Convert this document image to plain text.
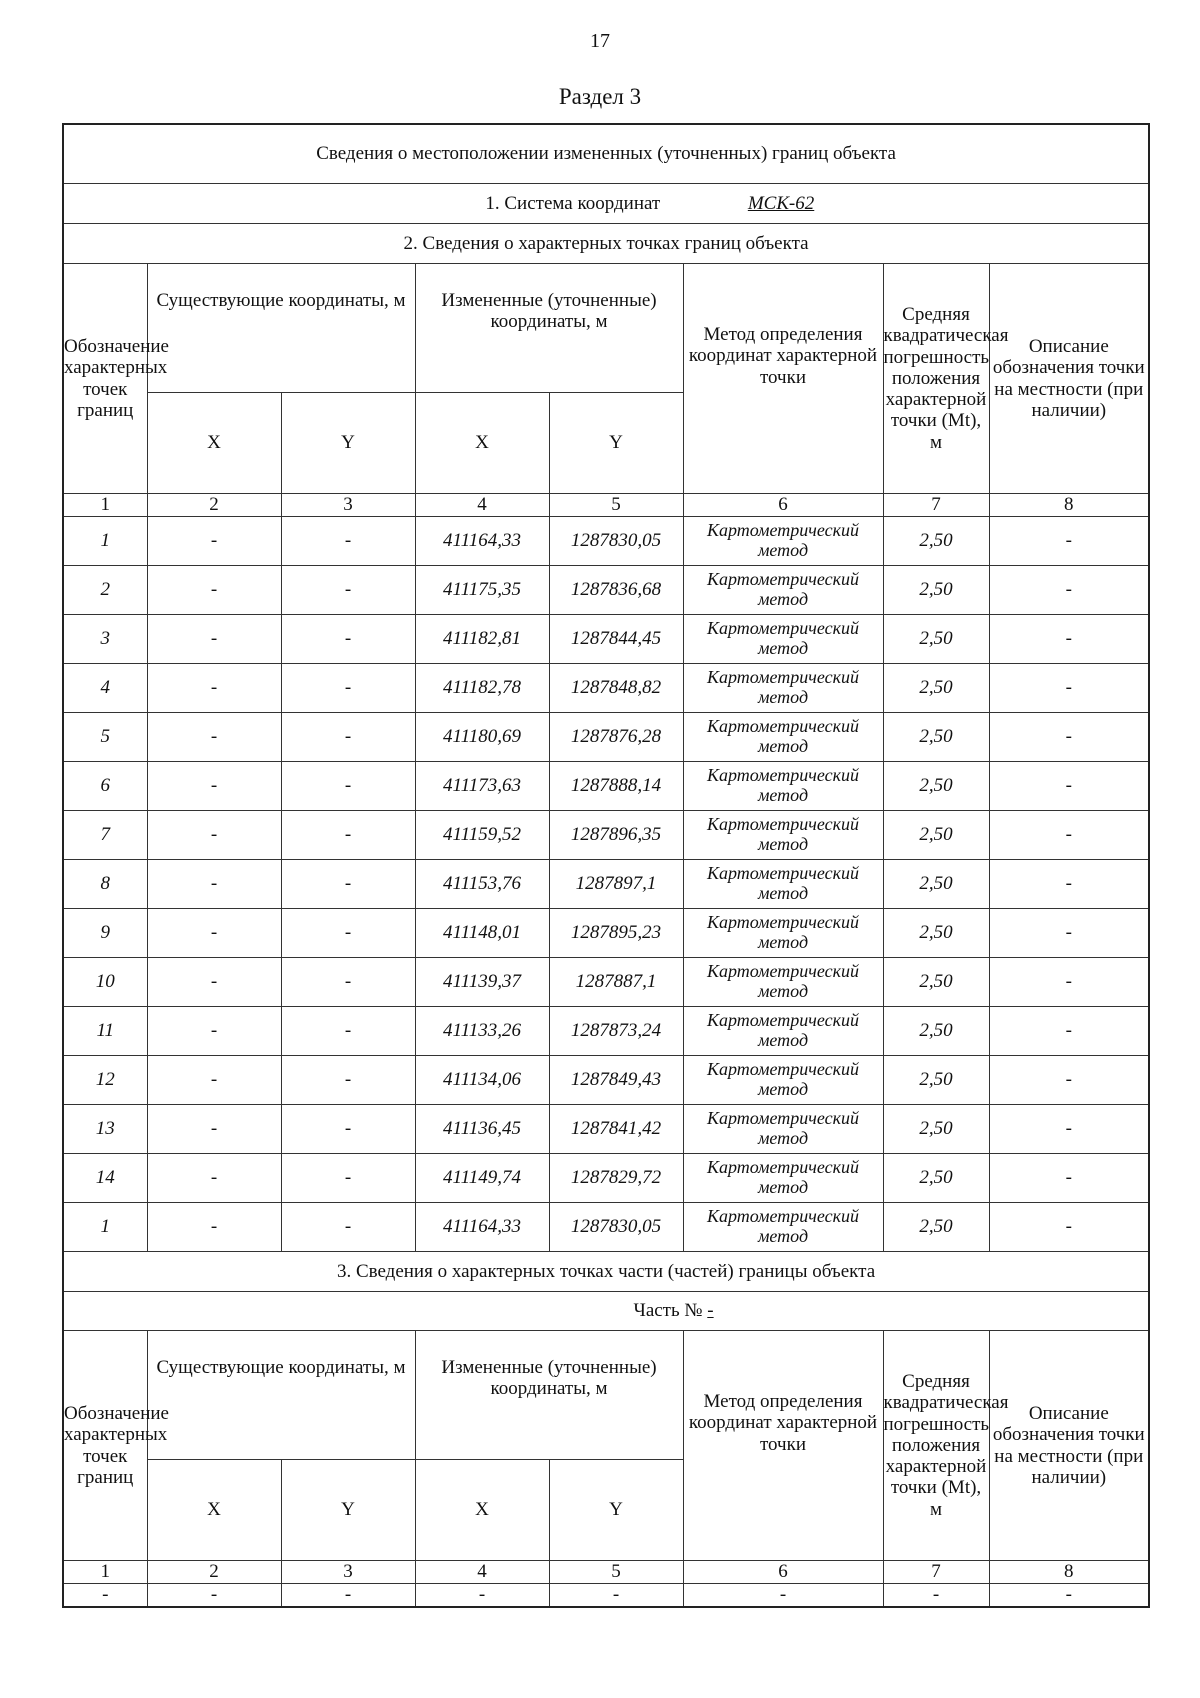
17
Раздел 3
Сведения о местоположении измененных (уточненных) границ объекта							
1. Система координат МСК-62							
2. Сведения о характерных точках границ объекта							
Обозначение характерных точек границ	Существующие координаты, м		Измененные (уточненные) координаты, м		Метод определения координат характерной точки	Средняя квадратическая погрешность положения характерной точки (Mt), м	Описание обозначения точки на местности (при наличии)
	X	Y	X	Y			
1	2	3	4	5	6	7	8
1	-	-	411164,33	1287830,05	Картометрический метод	2,50	-
2	-	-	411175,35	1287836,68	Картометрический метод	2,50	-
3	-	-	411182,81	1287844,45	Картометрический метод	2,50	-
4	-	-	411182,78	1287848,82	Картометрический метод	2,50	-
5	-	-	411180,69	1287876,28	Картометрический метод	2,50	-
6	-	-	411173,63	1287888,14	Картометрический метод	2,50	-
7	-	-	411159,52	1287896,35	Картометрический метод	2,50	-
8	-	-	411153,76	1287897,1	Картометрический метод	2,50	-
9	-	-	411148,01	1287895,23	Картометрический метод	2,50	-
10	-	-	411139,37	1287887,1	Картометрический метод	2,50	-
11	-	-	411133,26	1287873,24	Картометрический метод	2,50	-
12	-	-	411134,06	1287849,43	Картометрический метод	2,50	-
13	-	-	411136,45	1287841,42	Картометрический метод	2,50	-
14	-	-	411149,74	1287829,72	Картометрический метод	2,50	-
1	-	-	411164,33	1287830,05	Картометрический метод	2,50	-
3. Сведения о характерных точках части (частей) границы объекта							
Часть № -							
Обозначение характерных точек границ	Существующие координаты, м		Измененные (уточненные) координаты, м		Метод определения координат характерной точки	Средняя квадратическая погрешность положения характерной точки (Mt), м	Описание обозначения точки на местности (при наличии)
	X	Y	X	Y			
1	2	3	4	5	6	7	8
-	-	-	-	-	-	-	-
